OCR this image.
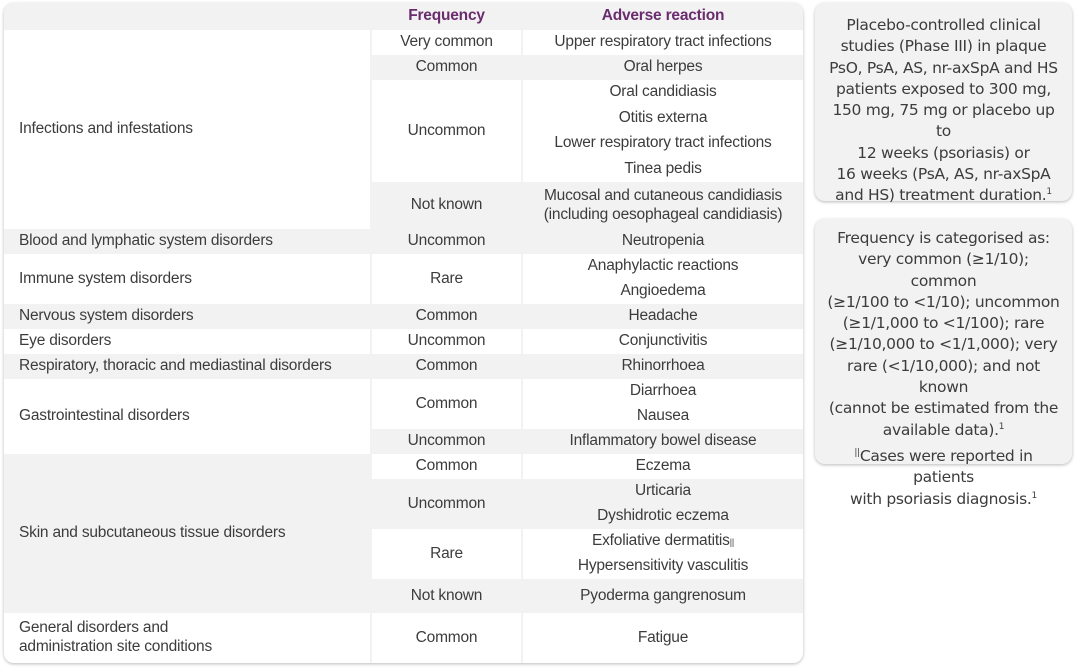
Frequency	Adverse reaction
Infections and infestations
Blood and lymphatic system disorders
Immune system disorders
Nervous system disorders
Eye disorders
Respiratory, thoracic and mediastinal disorders
Gastrointestinal disorders
Skin and subcutaneous tissue disorders
General disorders and
administration site conditions
Very common
Common
Uncommon
Not known
Uncommon
Rare
Common
Uncommon
Common
Common
Uncommon
Common
Uncommon
Rare
Not known
Common
Upper respiratory tract infections
Oral herpes
Oral candidiasis
Otitis externa
Lower respiratory tract infections
Tinea pedis
Mucosal and cutaneous candidiasis
(including oesophageal candidiasis)
Neutropenia
Anaphylactic reactions
Angioedema
Headache
Conjunctivitis
Rhinorrhoea
Diarrhoea
Nausea
Inflammatory bowel disease
Eczema
Urticaria
Dyshidrotic eczema
Exfoliative dermatitis ||
Hypersensitivity vasculitis
Pyoderma gangrenosum
Fatigue

Placebo-controlled clinical

studies (Phase III) in plaque

PsO, PsA, AS, nr-axSpA and HS

patients exposed to 300 mg,

150 mg, 75 mg or placebo up to

12 weeks (psoriasis) or

16 weeks (PsA, AS, nr-axSpA

and HS) treatment duration.$^1$

Frequency is categorised as:

very common (≥1/10); common

(≥1/100 to <1/10); uncommon

(≥1/1,000 to <1/100); rare

(≥1/10,000 to <1/1,000); very

rare (<1/10,000); and not known

(cannot be estimated from the

available data).$^1$

||Cases were reported in patients

with psoriasis diagnosis.$^1$
